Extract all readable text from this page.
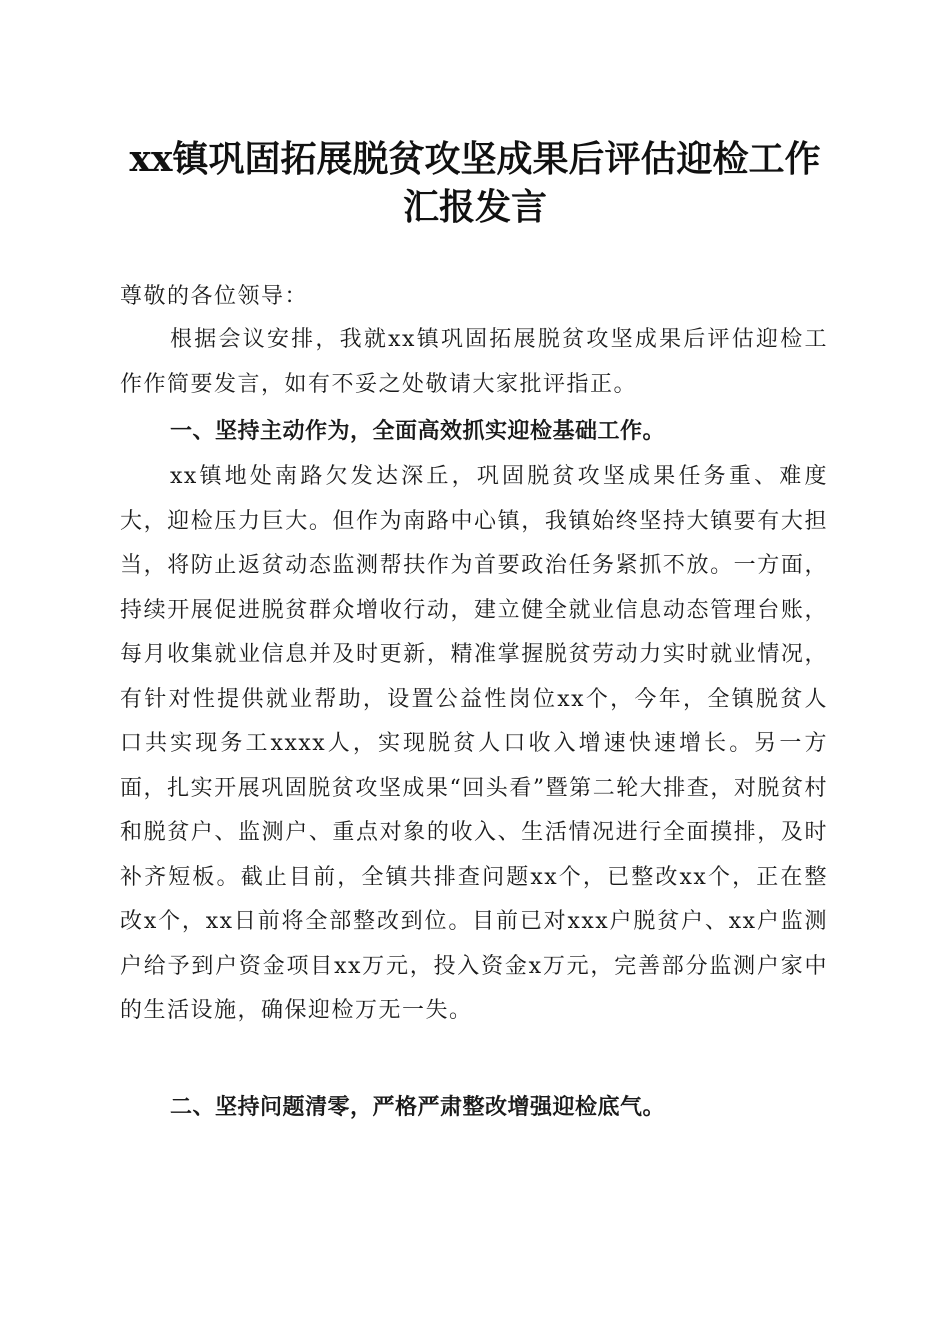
xx镇巩固拓展脱贫攻坚成果后评估迎检工作
汇报发言

尊敬的各位领导：

根据会议安排，我就xx镇巩固拓展脱贫攻坚成果后评估迎检工作作简要发言，如有不妥之处敬请大家批评指正。

一、坚持主动作为，全面高效抓实迎检基础工作。

xx镇地处南路欠发达深丘，巩固脱贫攻坚成果任务重、难度大，迎检压力巨大。但作为南路中心镇，我镇始终坚持大镇要有大担当，将防止返贫动态监测帮扶作为首要政治任务紧抓不放。一方面，持续开展促进脱贫群众增收行动，建立健全就业信息动态管理台账，每月收集就业信息并及时更新，精准掌握脱贫劳动力实时就业情况，有针对性提供就业帮助，设置公益性岗位xx个，今年，全镇脱贫人口共实现务工xxxx人，实现脱贫人口收入增速快速增长。另一方面，扎实开展巩固脱贫攻坚成果“回头看”暨第二轮大排查，对脱贫村和脱贫户、监测户、重点对象的收入、生活情况进行全面摸排，及时补齐短板。截止目前，全镇共排查问题xx个，已整改xx个，正在整改x个，xx日前将全部整改到位。目前已对xxx户脱贫户、xx户监测户给予到户资金项目xx万元，投入资金x万元，完善部分监测户家中的生活设施，确保迎检万无一失。

二、坚持问题清零，严格严肃整改增强迎检底气。
